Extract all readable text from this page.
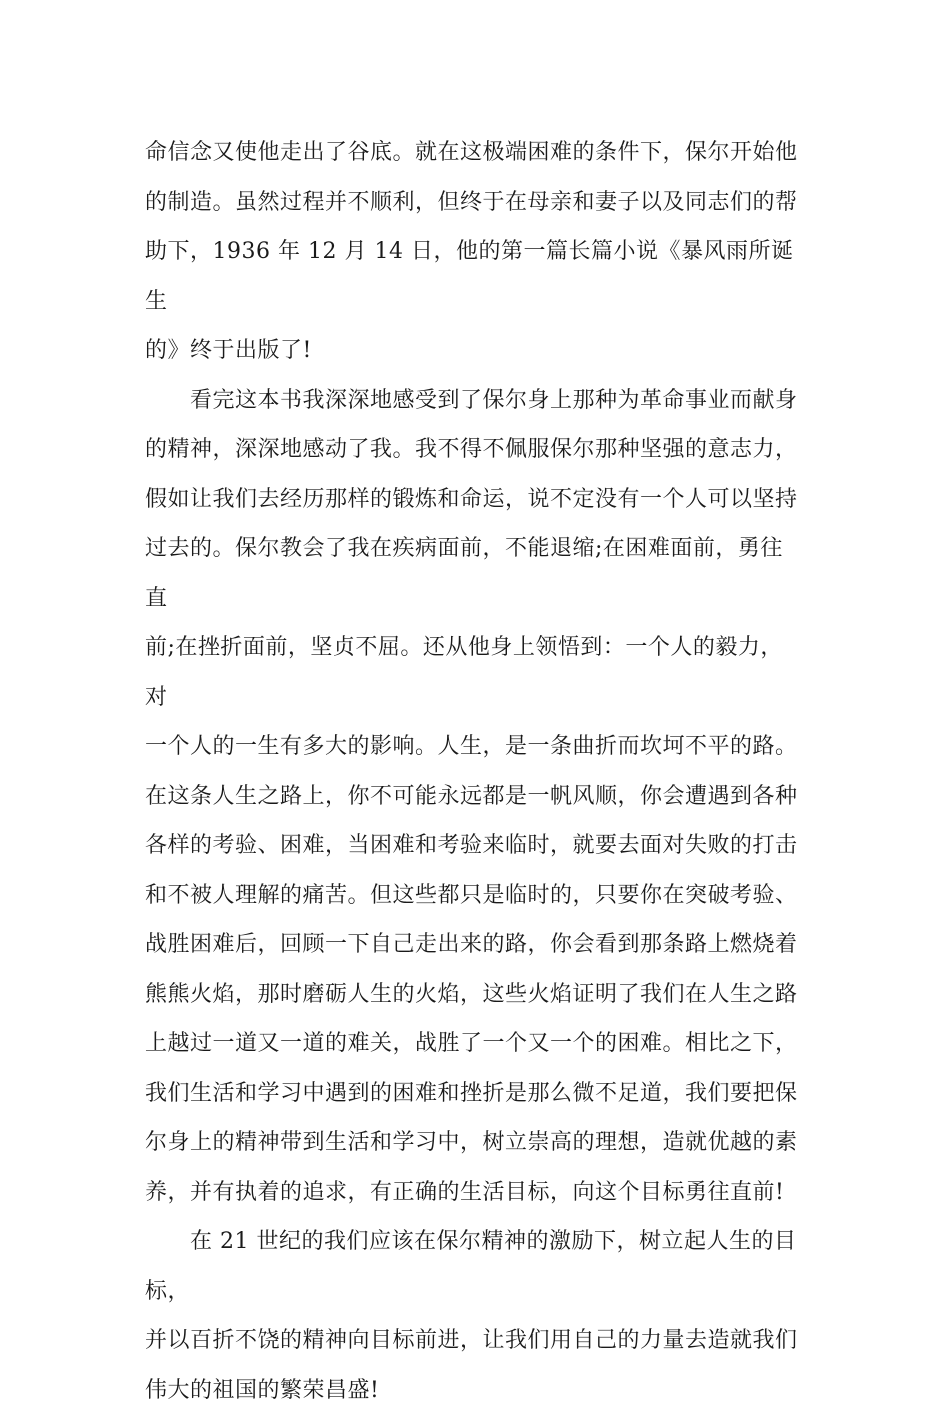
命信念又使他走出了谷底。就在这极端困难的条件下，保尔开始他
的制造。虽然过程并不顺利，但终于在母亲和妻子以及同志们的帮
助下，1936 年 12 月 14 日，他的第一篇长篇小说《暴风雨所诞生
的》终于出版了!

　　看完这本书我深深地感受到了保尔身上那种为革命事业而献身
的精神，深深地感动了我。我不得不佩服保尔那种坚强的意志力，
假如让我们去经历那样的锻炼和命运，说不定没有一个人可以坚持
过去的。保尔教会了我在疾病面前，不能退缩;在困难面前，勇往直
前;在挫折面前，坚贞不屈。还从他身上领悟到：一个人的毅力，对
一个人的一生有多大的影响。人生，是一条曲折而坎坷不平的路。
在这条人生之路上，你不可能永远都是一帆风顺，你会遭遇到各种
各样的考验、困难，当困难和考验来临时，就要去面对失败的打击
和不被人理解的痛苦。但这些都只是临时的，只要你在突破考验、
战胜困难后，回顾一下自己走出来的路，你会看到那条路上燃烧着
熊熊火焰，那时磨砺人生的火焰，这些火焰证明了我们在人生之路
上越过一道又一道的难关，战胜了一个又一个的困难。相比之下，
我们生活和学习中遇到的困难和挫折是那么微不足道，我们要把保
尔身上的精神带到生活和学习中，树立崇高的理想，造就优越的素
养，并有执着的追求，有正确的生活目标，向这个目标勇往直前!

　　在 21 世纪的我们应该在保尔精神的激励下，树立起人生的目标，
并以百折不饶的精神向目标前进，让我们用自己的力量去造就我们
伟大的祖国的繁荣昌盛!
